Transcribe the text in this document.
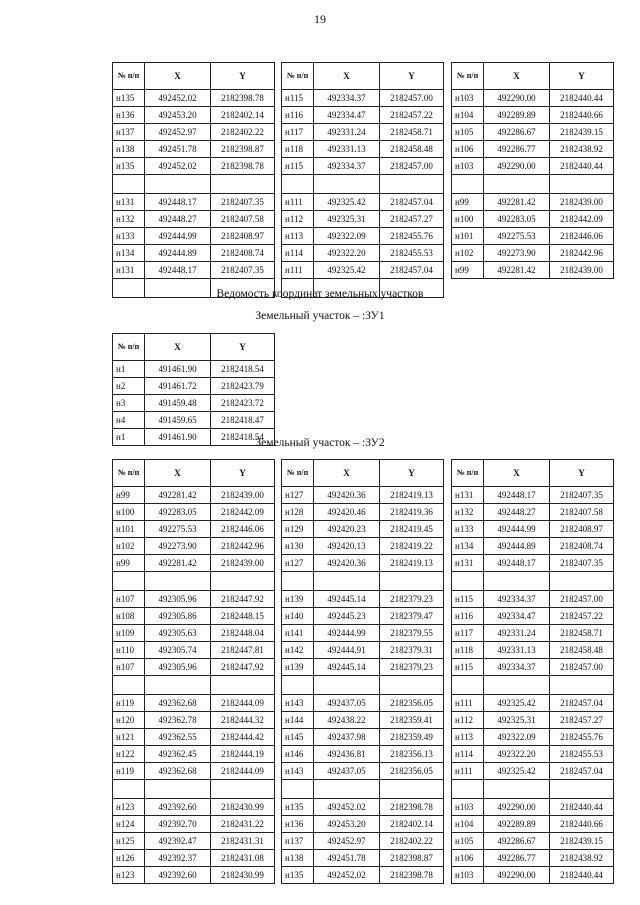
19
№ п/п	X	Y
н135	492452.02	2182398.78
н136	492453.20	2182402.14
н137	492452.97	2182402.22
н138	492451.78	2182398.87
н135	492452.02	2182398.78

н131	492448.17	2182407.35
н132	492448.27	2182407.58
н133	492444.99	2182408.97
н134	492444.89	2182408.74
н131	492448.17	2182407.35

№ п/п	X	Y
н115	492334.37	2182457.00
н116	492334.47	2182457.22
н117	492331.24	2182458.71
н118	492331.13	2182458.48
н115	492334.37	2182457.00

н111	492325.42	2182457.04
н112	492325.31	2182457.27
н113	492322.09	2182455.76
н114	492322.20	2182455.53
н111	492325.42	2182457.04

№ п/п	X	Y
н103	492290.00	2182440.44
н104	492289.89	2182440.66
н105	492286.67	2182439.15
н106	492286.77	2182438.92
н103	492290.00	2182440.44

н99	492281.42	2182439.00
н100	492283.05	2182442.09
н101	492275.53	2182446.06
н102	492273.90	2182442.96
н99	492281.42	2182439.00
Ведомость координат земельных участков
Земельный участок – :ЗУ1
№ п/п	X	Y
н1	491461.90	2182418.54
н2	491461.72	2182423.79
н3	491459.48	2182423.72
н4	491459.65	2182418.47
н1	491461.90	2182418.54
Земельный участок – :ЗУ2
№ п/п	X	Y
н99	492281.42	2182439.00
н100	492283.05	2182442.09
н101	492275.53	2182446.06
н102	492273.90	2182442.96
н99	492281.42	2182439.00

н107	492305.96	2182447.92
н108	492305.86	2182448.15
н109	492305.63	2182448.04
н110	492305.74	2182447.81
н107	492305.96	2182447.92

н119	492362.68	2182444.09
н120	492362.78	2182444.32
н121	492362.55	2182444.42
н122	492362.45	2182444.19
н119	492362.68	2182444.09

н123	492392.60	2182430.99
н124	492392.70	2182431.22
н125	492392.47	2182431.31
н126	492392.37	2182431.08
н123	492392.60	2182430.99
№ п/п	X	Y
н127	492420.36	2182419.13
н128	492420.46	2182419.36
н129	492420.23	2182419.45
н130	492420.13	2182419.22
н127	492420.36	2182419.13

н139	492445.14	2182379.23
н140	492445.23	2182379.47
н141	492444.99	2182379.55
н142	492444.91	2182379.31
н139	492445.14	2182379.23

н143	492437.05	2182356.05
н144	492438.22	2182359.41
н145	492437.98	2182359.49
н146	492436.81	2182356.13
н143	492437.05	2182356.05

н135	492452.02	2182398.78
н136	492453.20	2182402.14
н137	492452.97	2182402.22
н138	492451.78	2182398.87
н135	492452.02	2182398.78
№ п/п	X	Y
н131	492448.17	2182407.35
н132	492448.27	2182407.58
н133	492444.99	2182408.97
н134	492444.89	2182408.74
н131	492448.17	2182407.35

н115	492334.37	2182457.00
н116	492334.47	2182457.22
н117	492331.24	2182458.71
н118	492331.13	2182458.48
н115	492334.37	2182457.00

н111	492325.42	2182457.04
н112	492325.31	2182457.27
н113	492322.09	2182455.76
н114	492322.20	2182455.53
н111	492325.42	2182457.04

н103	492290.00	2182440.44
н104	492289.89	2182440.66
н105	492286.67	2182439.15
н106	492286.77	2182438.92
н103	492290.00	2182440.44
